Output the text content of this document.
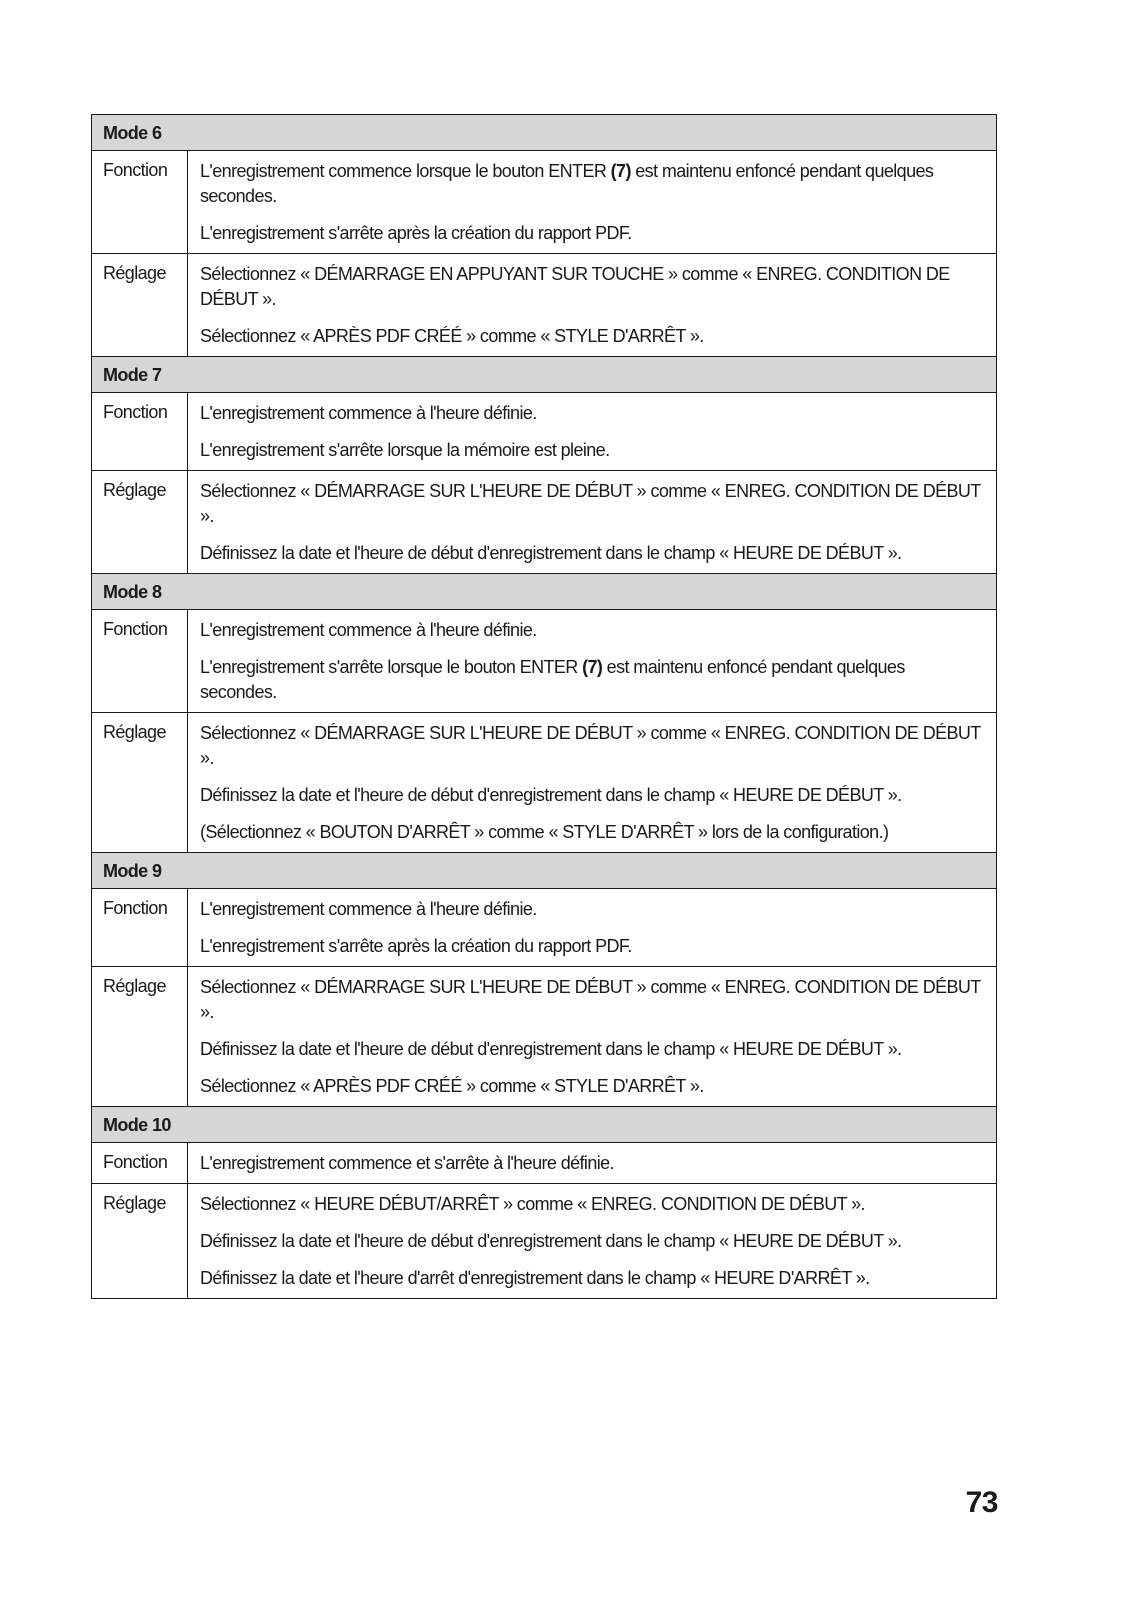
Mode 6	
Fonction	L'enregistrement commence lorsque le bouton ENTER (7) est maintenu enfoncé pendant quelques secondes.
L'enregistrement s'arrête après la création du rapport PDF.

Réglage	Sélectionnez « DÉMARRAGE EN APPUYANT SUR TOUCHE » comme « ENREG. CONDITION DE DÉBUT ».
Sélectionnez « APRÈS PDF CRÉÉ » comme « STYLE D'ARRÊT ».

Mode 7	
Fonction	L'enregistrement commence à l'heure définie.
L'enregistrement s'arrête lorsque la mémoire est pleine.

Réglage	Sélectionnez « DÉMARRAGE SUR L'HEURE DE DÉBUT » comme « ENREG. CONDITION DE DÉBUT ».
Définissez la date et l'heure de début d'enregistrement dans le champ « HEURE DE DÉBUT ».

Mode 8	
Fonction	L'enregistrement commence à l'heure définie.
L'enregistrement s'arrête lorsque le bouton ENTER (7) est maintenu enfoncé pendant quelques secondes.

Réglage	Sélectionnez « DÉMARRAGE SUR L'HEURE DE DÉBUT » comme « ENREG. CONDITION DE DÉBUT ».
Définissez la date et l'heure de début d'enregistrement dans le champ « HEURE DE DÉBUT ».
(Sélectionnez « BOUTON D'ARRÊT » comme « STYLE D'ARRÊT » lors de la configuration.)

Mode 9	
Fonction	L'enregistrement commence à l'heure définie.
L'enregistrement s'arrête après la création du rapport PDF.

Réglage	Sélectionnez « DÉMARRAGE SUR L'HEURE DE DÉBUT » comme « ENREG. CONDITION DE DÉBUT ».
Définissez la date et l'heure de début d'enregistrement dans le champ « HEURE DE DÉBUT ».
Sélectionnez « APRÈS PDF CRÉÉ » comme « STYLE D'ARRÊT ».

Mode 10	
Fonction	L'enregistrement commence et s'arrête à l'heure définie.

Réglage	Sélectionnez « HEURE DÉBUT/ARRÊT » comme « ENREG. CONDITION DE DÉBUT ».
Définissez la date et l'heure de début d'enregistrement dans le champ « HEURE DE DÉBUT ».
Définissez la date et l'heure d'arrêt d'enregistrement dans le champ « HEURE D'ARRÊT ».
73
